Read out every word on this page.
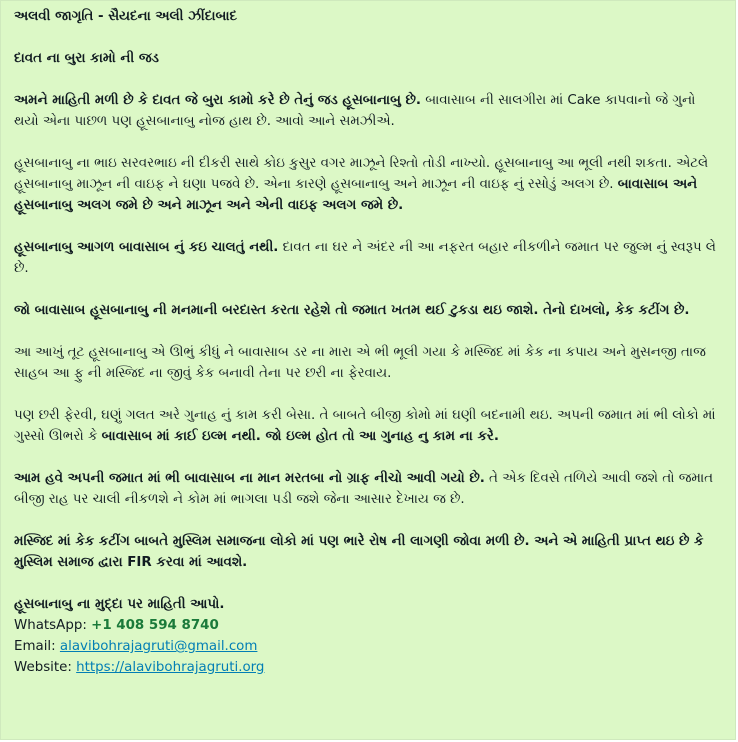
અલવી જાગૃતિ - સૈયદના અલી ઝીંદાબાદ
દાવત ના બુરા કામો ની જડ
અમને માહિતી મળી છે કે દાવત જે બુરા કામો કરે છે તેનું જડ હૂસબાનાબુ છે. બાવાસાબ ની સાલગીરા માં Cake કાપવાનો જે ગુનો થયો એના પાછળ પણ હૂસબાનાબુ નોજ હાથ છે. આવો આને સમઝીએ.
હૂસબાનાબુ ના ભાઇ સરવરભાઇ ની દીકરી સાથે કોઇ કુસુર વગર માઝૂને રિશ્તો તોડી નાખ્યો. હૂસબાનાબુ આ ભૂલી નથી શકતા. એટલે હૂસબાનાબુ માઝૂન ની વાઇફ ને ઘણા પજવે છે. એના કારણે હૂસબાનાબુ અને માઝૂન ની વાઇફ નું રસોડું અલગ છે. બાવાસાબ અને હૂસબાનાબુ અલગ જમે છે અને માઝૂન અને એની વાઇફ અલગ જમે છે.
હૂસબાનાબુ આગળ બાવાસાબ નું કઇ ચાલતું નથી. દાવત ના ઘર ને અંદર ની આ નફરત બહાર નીકળીને જમાત પર જુલ્મ નું સ્વરૂપ લે છે.
જો બાવાસાબ હૂસબાનાબુ ની મનમાની બરદાસ્ત કરતા રહેશે તો જમાત ખતમ થઈ ટુકડા થઇ જાશે. તેનો દાખલો, કેક કટીંગ છે.
આ આખું તૂટ હૂસબાનાબુ એ ઊભું કીધું ને બાવાસાબ ડર ના મારા એ ભી ભૂલી ગયા કે મસ્જિદ માં કેક ના કપાય અને મુસનજી તાજ સાહબ આ ફુ ની મસ્જિદ ના જીવું કેક બનાવી તેના પર છરી ના ફેરવાય.
પણ છરી ફેરવી, ઘણું ગલત અરે ગુનાહ નું કામ કરી બેસા. તે બાબતે બીજી કોમો માં ઘણી બદનામી થઇ. અપની જમાત માં ભી લોકો માં ગુસ્સો ઊભરો કે બાવાસાબ માં કાઈ ઇલ્મ નથી. જો ઇલ્મ હોત તો આ ગુનાહ નુ કામ ના કરે.
આમ હવે અપની જમાત માં ભી બાવાસાબ ના માન મરતબા નો ગ્રાફ નીચો આવી ગયો છે. તે એક દિવસે તળિયે આવી જશે તો જમાત બીજી રાહ પર ચાલી નીકળશે ને કોમ માં ભાગલા પડી જશે જેના આસાર દેખાય જ છે.
મસ્જિદ માં કેક કટીંગ બાબતે મુસ્લિમ સમાજના લોકો માં પણ ભારે રોષ ની લાગણી જોવા મળી છે. અને એ માહિતી પ્રાપ્ત થઇ છે કે મુસ્લિમ સમાજ દ્વારા FIR કરવા માં આવશે.
હૂસબાનાબુ ના મુદ્દા પર માહિતી આપો.
WhatsApp: +1 408 594 8740
Email: alavibohrajagruti@gmail.com
Website: https://alavibohrajagruti.org
